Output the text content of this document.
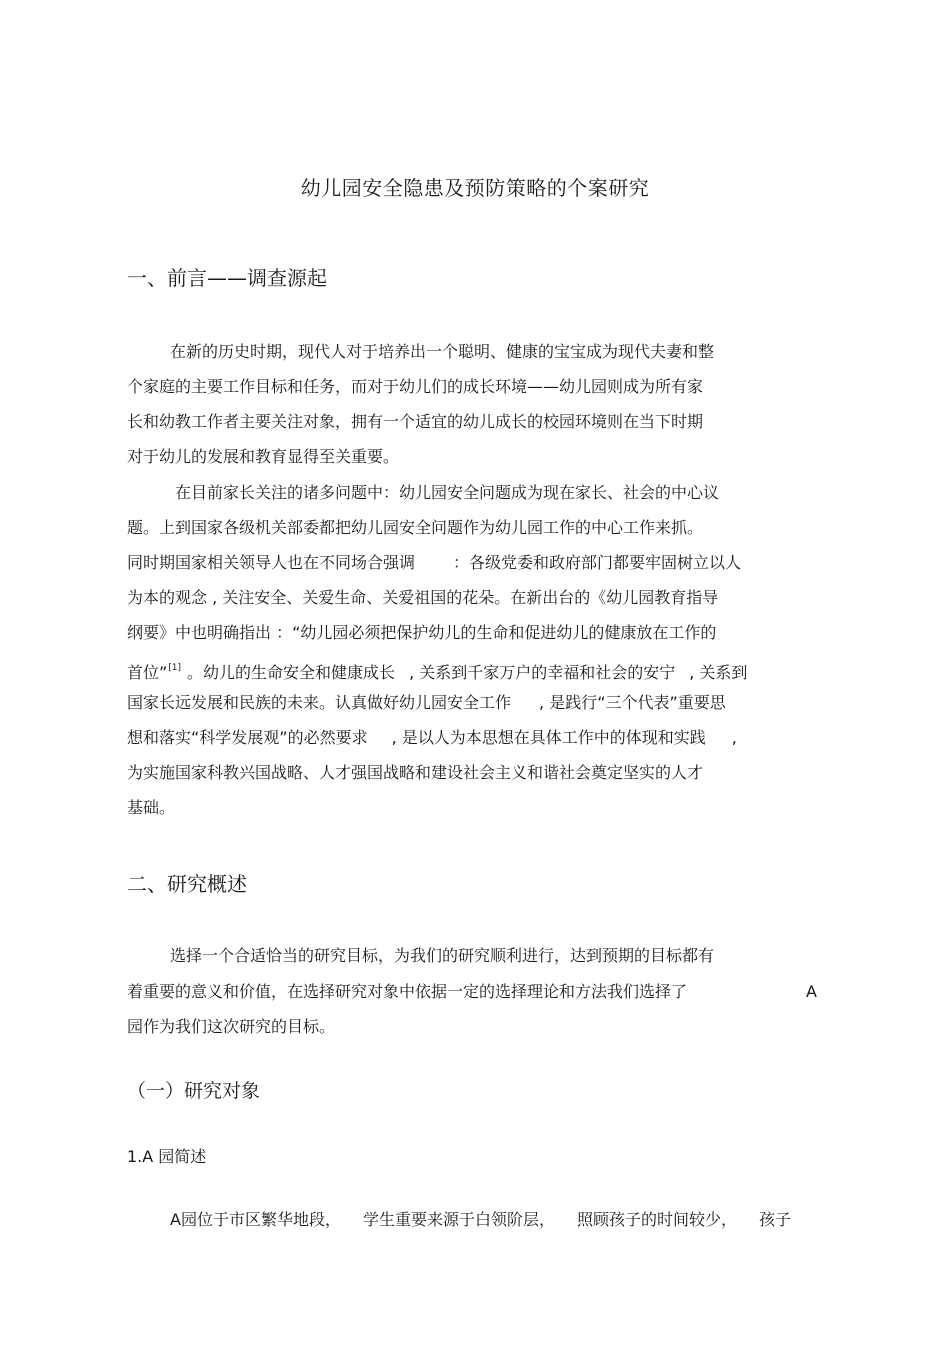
幼儿园安全隐患及预防策略的个案研究
一、前言——调查源起
在新的历史时期，现代人对于培养出一个聪明、健康的宝宝成为现代夫妻和整
个家庭的主要工作目标和任务，而对于幼儿们的成长环境——幼儿园则成为所有家
长和幼教工作者主要关注对象，拥有一个适宜的幼儿成长的校园环境则在当下时期
对于幼儿的发展和教育显得至关重要。
在目前家长关注的诸多问题中：幼儿园安全问题成为现在家长、社会的中心议
题。上到国家各级机关部委都把幼儿园安全问题作为幼儿园工作的中心工作来抓。
同时期国家相关领导人也在不同场合强调 ：各级党委和政府部门都要牢固树立以人
为本的观念 , 关注安全、关爱生命、关爱祖国的花朵。在新出台的《幼儿园教育指导
纲要》中也明确指出 ：“幼儿园必须把保护幼儿的生命和促进幼儿的健康放在工作的
首位”[1] 。幼儿的生命安全和健康成长 , 关系到千家万户的幸福和社会的安宁 , 关系到
国家长远发展和民族的未来。认真做好幼儿园安全工作 , 是践行“三个代表”重要思
想和落实“科学发展观”的必然要求 , 是以人为本思想在具体工作中的体现和实践 ,
为实施国家科教兴国战略、人才强国战略和建设社会主义和谐社会奠定坚实的人才
基础。
二、研究概述
选择一个合适恰当的研究目标，为我们的研究顺利进行，达到预期的目标都有
着重要的意义和价值，在选择研究对象中依据一定的选择理论和方法我们选择了	A
园作为我们这次研究的目标。
（一）研究对象
1.A 园简述
A园位于市区繁华地段， 学生重要来源于白领阶层， 照顾孩子的时间较少， 孩子
